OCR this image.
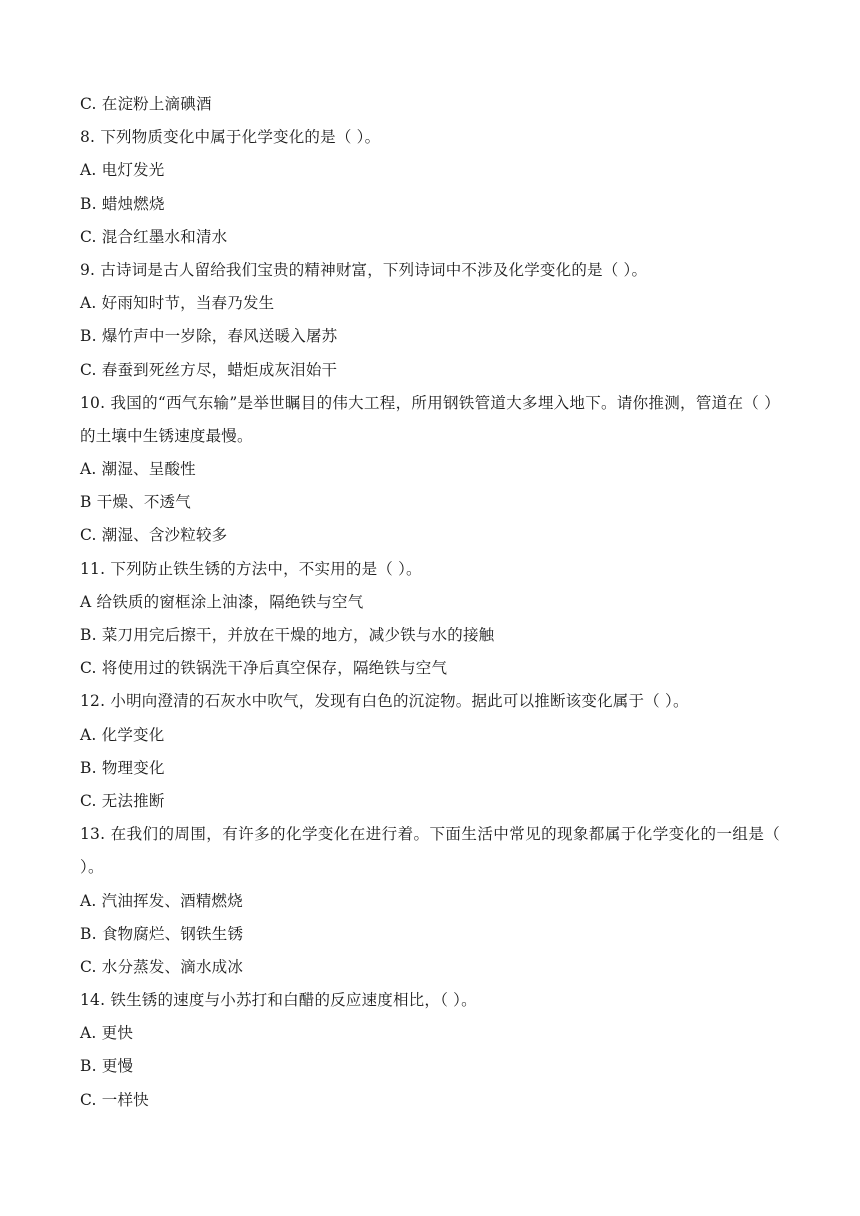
C. 在淀粉上滴碘酒
8. 下列物质变化中属于化学变化的是（ ）。
A. 电灯发光
B. 蜡烛燃烧
C. 混合红墨水和清水
9. 古诗词是古人留给我们宝贵的精神财富，下列诗词中不涉及化学变化的是（ ）。
A. 好雨知时节，当春乃发生
B. 爆竹声中一岁除，春风送暖入屠苏
C. 春蚕到死丝方尽，蜡炬成灰泪始干
10. 我国的“西气东输”是举世瞩目的伟大工程，所用钢铁管道大多埋入地下。请你推测，管道在（ ）的土壤中生锈速度最慢。
A. 潮湿、呈酸性
B 干燥、不透气
C. 潮湿、含沙粒较多
11. 下列防止铁生锈的方法中，不实用的是（ ）。
A 给铁质的窗框涂上油漆，隔绝铁与空气
B. 菜刀用完后擦干，并放在干燥的地方，减少铁与水的接触
C. 将使用过的铁锅洗干净后真空保存，隔绝铁与空气
12. 小明向澄清的石灰水中吹气，发现有白色的沉淀物。据此可以推断该变化属于（ ）。
A. 化学变化
B. 物理变化
C. 无法推断
13. 在我们的周围，有许多的化学变化在进行着。下面生活中常见的现象都属于化学变化的一组是（ ）。
A. 汽油挥发、酒精燃烧
B. 食物腐烂、钢铁生锈
C. 水分蒸发、滴水成冰
14. 铁生锈的速度与小苏打和白醋的反应速度相比，（ ）。
A. 更快
B. 更慢
C. 一样快
